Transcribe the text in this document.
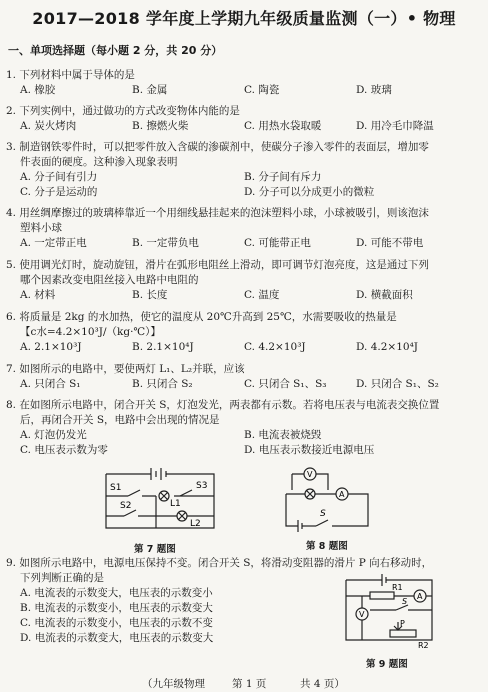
2017—2018 学年度上学期九年级质量监测（一）• 物理
一、单项选择题（每小题 2 分，共 20 分）
1. 下列材料中属于导体的是
A. 橡胶	B. 金属	C. 陶瓷	D. 玻璃
2. 下列实例中，通过做功的方式改变物体内能的是
A. 炭火烤肉	B. 擦燃火柴	C. 用热水袋取暖	D. 用冷毛巾降温
3. 制造钢铁零件时，可以把零件放入含碳的渗碳剂中，使碳分子渗入零件的表面层，增加零
件表面的硬度。这种渗入现象表明
A. 分子间有引力	B. 分子间有斥力
C. 分子是运动的	D. 分子可以分成更小的微粒
4. 用丝绸摩擦过的玻璃棒靠近一个用细线悬挂起来的泡沫塑料小球，小球被吸引，则该泡沫
塑料小球
A. 一定带正电	B. 一定带负电	C. 可能带正电	D. 可能不带电
5. 使用调光灯时，旋动旋钮，滑片在弧形电阻丝上滑动，即可调节灯泡亮度，这是通过下列
哪个因素改变电阻丝接入电路中电阻的
A. 材料	B. 长度	C. 温度	D. 横截面积
6. 将质量是 2kg 的水加热，使它的温度从 20℃升高到 25℃，水需要吸收的热量是
【c水=4.2×10³J/（kg·℃）】
A. 2.1×10³J	B. 2.1×10⁴J	C. 4.2×10³J	D. 4.2×10⁴J
7. 如图所示的电路中，要使两灯 L₁、L₂并联，应该
A. 只闭合 S₁	B. 只闭合 S₂	C. 只闭合 S₁、S₃	D. 只闭合 S₁、S₂
8. 在如图所示电路中，闭合开关 S，灯泡发光，两表都有示数。若将电压表与电流表交换位置
后，再闭合开关 S，电路中会出现的情况是
A. 灯泡仍发光	B. 电流表被烧毁
C. 电压表示数为零	D. 电压表示数接近电源电压
S1	S3
L1
S2
L2
第 7 题图
V
A
S
第 8 题图
9. 如图所示电路中，电源电压保持不变。闭合开关 S，将滑动变阻器的滑片 P 向右移动时，
下列判断正确的是
A. 电流表的示数变大，电压表的示数变小
B. 电流表的示数变小，电压表的示数变大
C. 电流表的示数变小，电压表的示数不变
D. 电流表的示数变大，电压表的示数变大
R1
A
V
S
P
R2
第 9 题图
（九年级物理	第 1 页	共 4 页）
